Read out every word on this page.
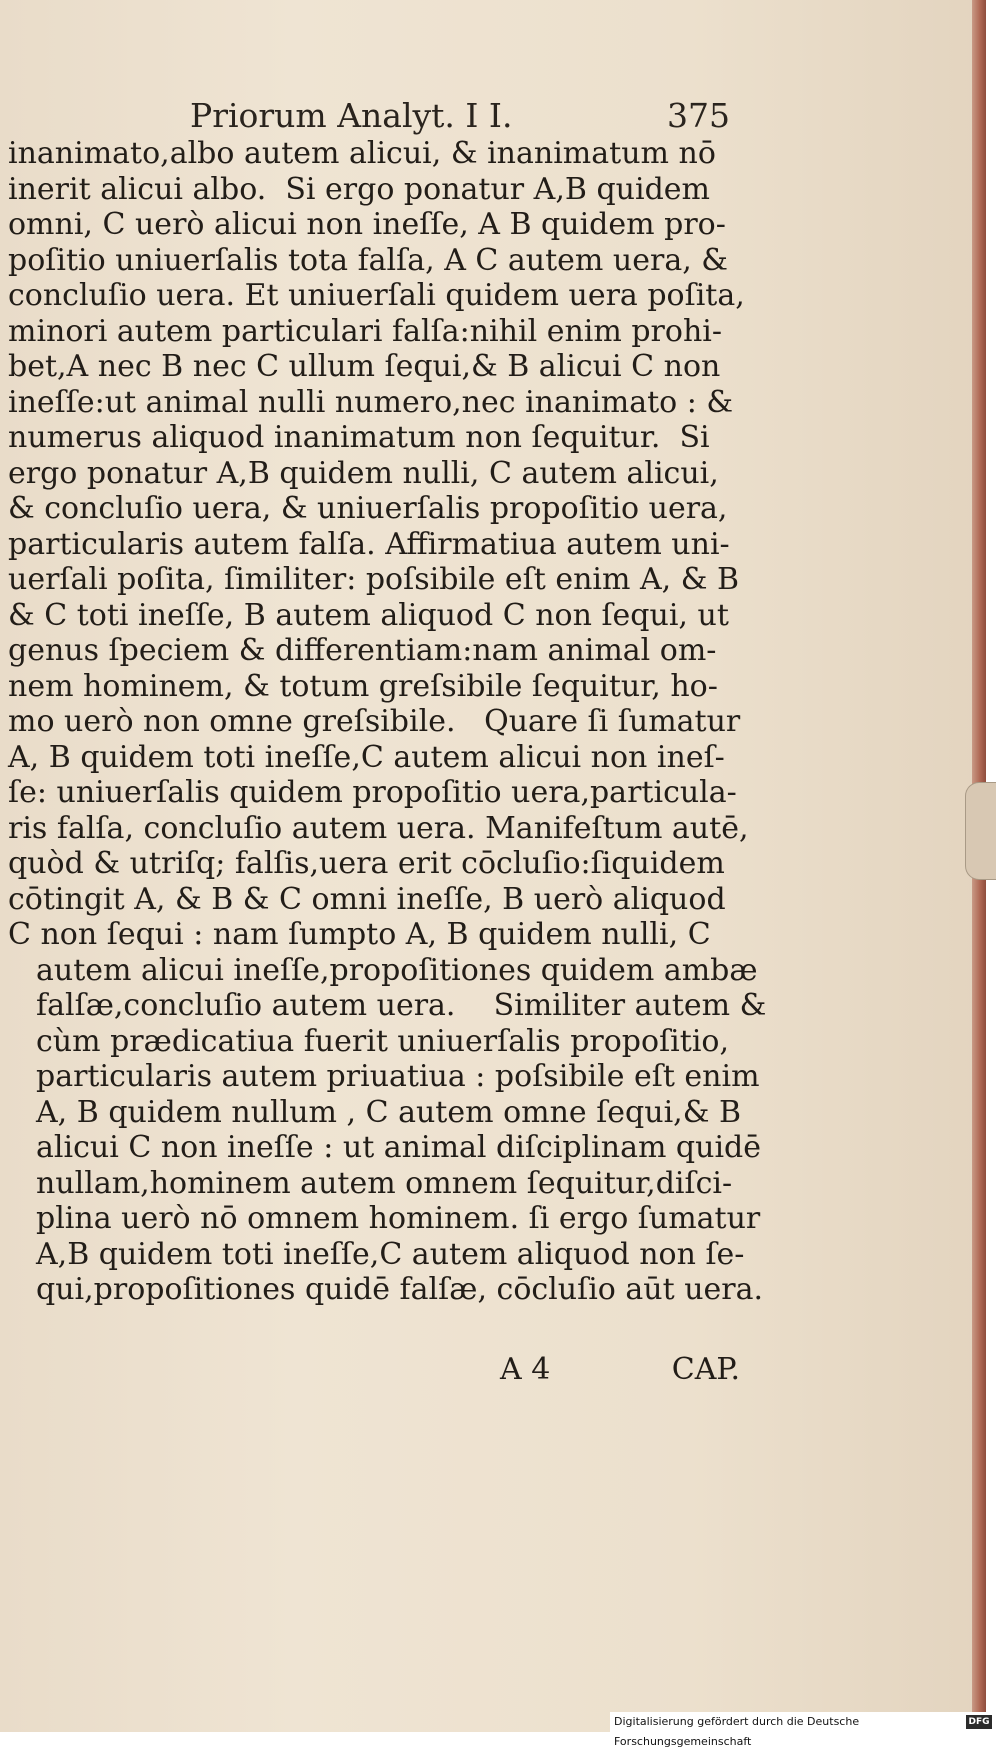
Priorum Analyt. I I.	375
inanimato,albo autem alicui, & inanimatum nō
inerit alicui albo.  Si ergo ponatur A,B quidem
omni, C uerò alicui non ineſſe, A B quidem pro-
poſitio uniuerſalis tota falſa, A C autem uera, &
concluſio uera. Et uniuerſali quidem uera poſita,
minori autem particulari falſa:nihil enim prohi-
bet,A nec B nec C ullum ſequi,& B alicui C non
ineſſe:ut animal nulli numero,nec inanimato : &
numerus aliquod inanimatum non ſequitur.  Si
ergo ponatur A,B quidem nulli, C autem alicui,
& concluſio uera, & uniuerſalis propoſitio uera,
particularis autem falſa. Affirmatiua autem uni-
uerſali poſita, ſimiliter: poſsibile eſt enim A, & B
& C toti ineſſe, B autem aliquod C non ſequi, ut
genus ſpeciem & differentiam:nam animal om-
nem hominem, & totum greſsibile ſequitur, ho-
mo uerò non omne greſsibile.   Quare ſi ſumatur
A, B quidem toti ineſſe,C autem alicui non ineſ-
ſe: uniuerſalis quidem propoſitio uera,particula-
ris falſa, concluſio autem uera. Manifeſtum autē,
quòd & utriſq; falſis,uera erit cōcluſio:ſiquidem
cōtingit A, & B & C omni ineſſe, B uerò aliquod
C non ſequi : nam ſumpto A, B quidem nulli, C
autem alicui ineſſe,propoſitiones quidem ambæ
falſæ,concluſio autem uera.    Similiter autem &
cùm prædicatiua fuerit uniuerſalis propoſitio,
particularis autem priuatiua : poſsibile eſt enim
A, B quidem nullum , C autem omne ſequi,& B
alicui C non ineſſe : ut animal diſciplinam quidē
nullam,hominem autem omnem ſequitur,diſci-
plina uerò nō omnem hominem. ſi ergo ſumatur
A,B quidem toti ineſſe,C autem aliquod non ſe-
qui,propoſitiones quidē falſæ, cōcluſio aūt uera.
A 4	CAP.
Digitalisierung gefördert durch die Deutsche Forschungsgemeinschaft
DFG
